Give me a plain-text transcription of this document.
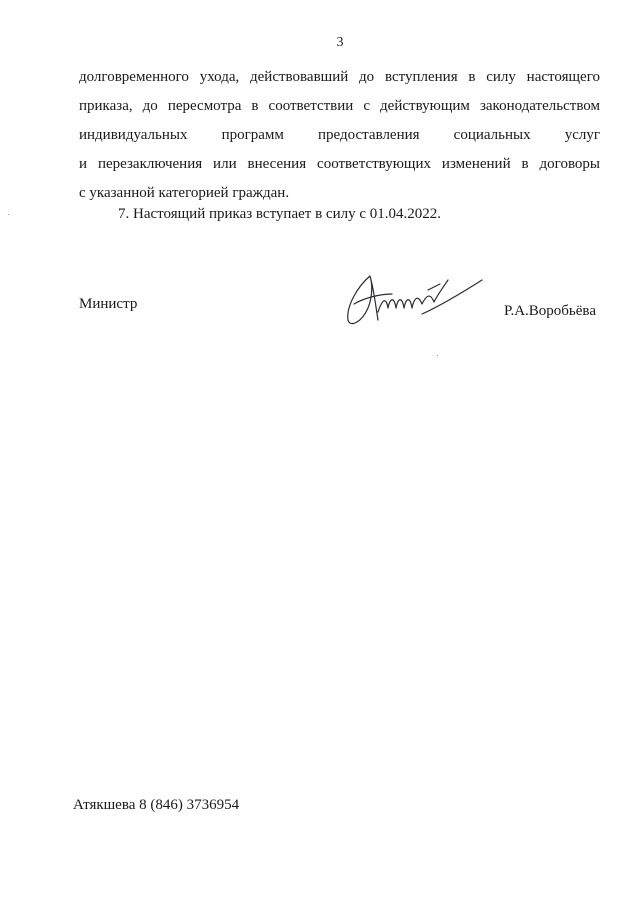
3
долговременного ухода, действовавший до вступления в силу настоящего
приказа, до пересмотра в соответствии с действующим законодательством
индивидуальных программ предоставления социальных услуг
и перезаключения или внесения соответствующих изменений в договоры
с указанной категорией граждан.
7. Настоящий приказ вступает в силу с 01.04.2022.
Министр	Р.А.Воробьёва
Атякшева 8 (846) 3736954
